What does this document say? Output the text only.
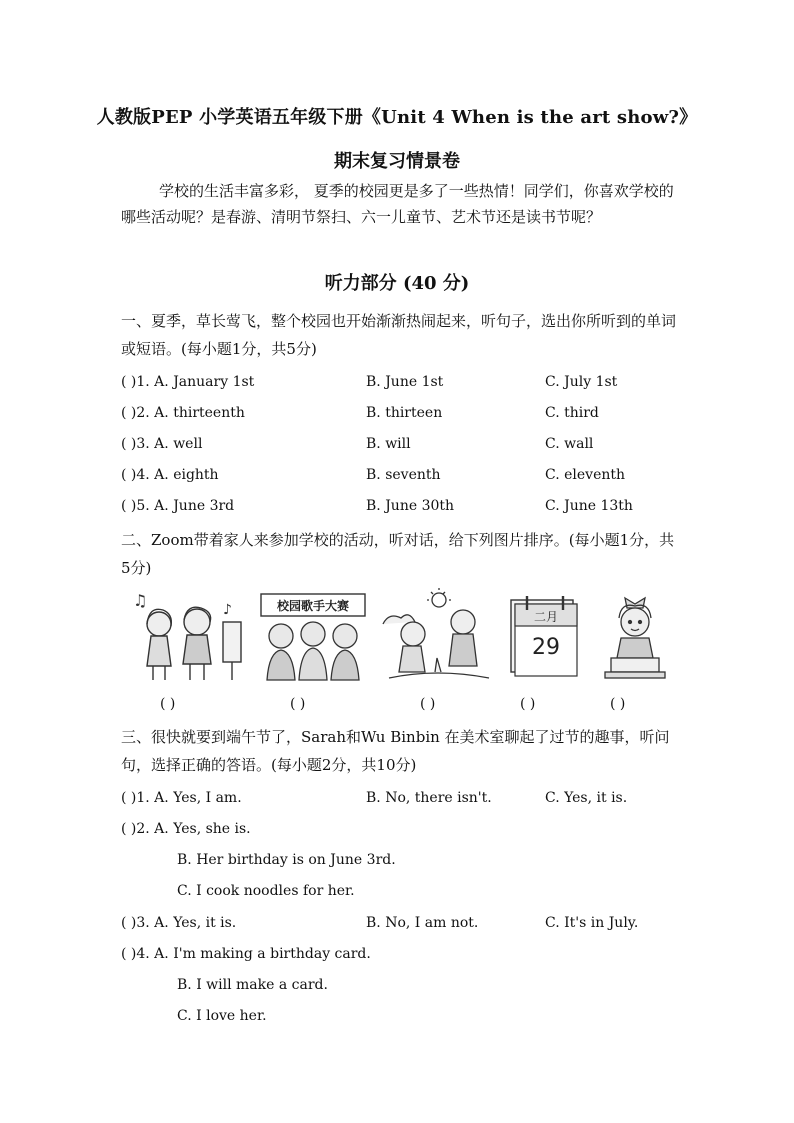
人教版PEP 小学英语五年级下册《Unit 4 When is the art show?》
期末复习情景卷
学校的生活丰富多彩， 夏季的校园更是多了一些热情！同学们，你喜欢学校的哪些活动呢？是春游、清明节祭扫、六一儿童节、艺术节还是读书节呢？
听力部分 (40 分)
一、夏季，草长莺飞，整个校园也开始渐渐热闹起来，听句子，选出你所听到的单词或短语。(每小题1分，共5分)
( )1. A. January 1st	B. June 1st	C. July 1st
( )2. A. thirteenth	B. thirteen	C. third
( )3. A. well	B. will	C. wall
( )4. A. eighth	B. seventh	C. eleventh
( )5. A. June 3rd	B. June 30th	C. June 13th
二、Zoom带着家人来参加学校的活动，听对话，给下列图片排序。(每小题1分，共5分)
♫	♪	校园歌手大赛
二月
29
( )	( )	( )	( )	( )
三、很快就要到端午节了，Sarah和Wu Binbin 在美术室聊起了过节的趣事，听问句，选择正确的答语。(每小题2分，共10分)
( )1. A. Yes, I am.	B. No, there isn't.	C. Yes, it is.
( )2. A. Yes, she is.
B. Her birthday is on June 3rd.
C. I cook noodles for her.
( )3. A. Yes, it is.	B. No, I am not.	C. It's in July.
( )4. A. I'm making a birthday card.
B. I will make a card.
C. I love her.
